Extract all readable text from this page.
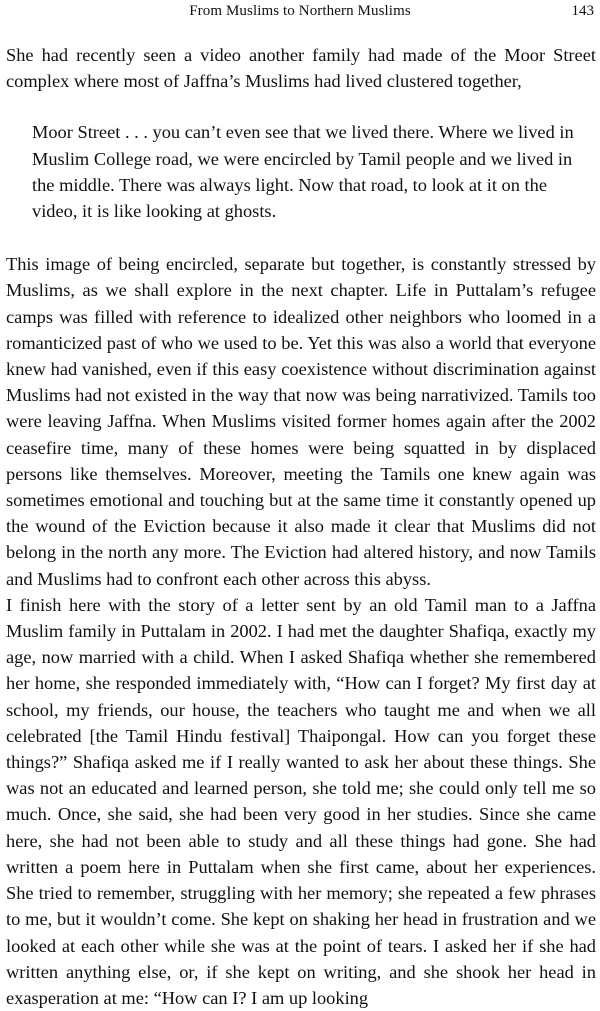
From Muslims to Northern Muslims	143

She had recently seen a video another family had made of the Moor Street complex where most of Jaffna’s Muslims had lived clustered together,

Moor Street . . . you can’t even see that we lived there. Where we lived in Muslim College road, we were encircled by Tamil people and we lived in the middle. There was always light. Now that road, to look at it on the video, it is like looking at ghosts.

This image of being encircled, separate but together, is constantly stressed by Muslims, as we shall explore in the next chapter. Life in Puttalam’s refugee camps was filled with reference to idealized other neighbors who loomed in a romanticized past of who we used to be. Yet this was also a world that everyone knew had vanished, even if this easy coexistence without discrimination against Muslims had not existed in the way that now was being narrativized. Tamils too were leaving Jaffna. When Muslims visited former homes again after the 2002 ceasefire time, many of these homes were being squatted in by displaced persons like themselves. Moreover, meeting the Tamils one knew again was sometimes emotional and touching but at the same time it constantly opened up the wound of the Eviction because it also made it clear that Muslims did not belong in the north any more. The Eviction had altered history, and now Tamils and Muslims had to confront each other across this abyss.

I finish here with the story of a letter sent by an old Tamil man to a Jaffna Muslim family in Puttalam in 2002. I had met the daughter Shafiqa, exactly my age, now married with a child. When I asked Shafiqa whether she remembered her home, she responded immediately with, “How can I forget? My first day at school, my friends, our house, the teachers who taught me and when we all celebrated [the Tamil Hindu festival] Thaipongal. How can you forget these things?” Shafiqa asked me if I really wanted to ask her about these things. She was not an educated and learned person, she told me; she could only tell me so much. Once, she said, she had been very good in her studies. Since she came here, she had not been able to study and all these things had gone. She had written a poem here in Puttalam when she first came, about her experiences. She tried to remember, struggling with her memory; she repeated a few phrases to me, but it wouldn’t come. She kept on shaking her head in frustration and we looked at each other while she was at the point of tears. I asked her if she had written anything else, or, if she kept on writing, and she shook her head in exasperation at me: “How can I? I am up looking
